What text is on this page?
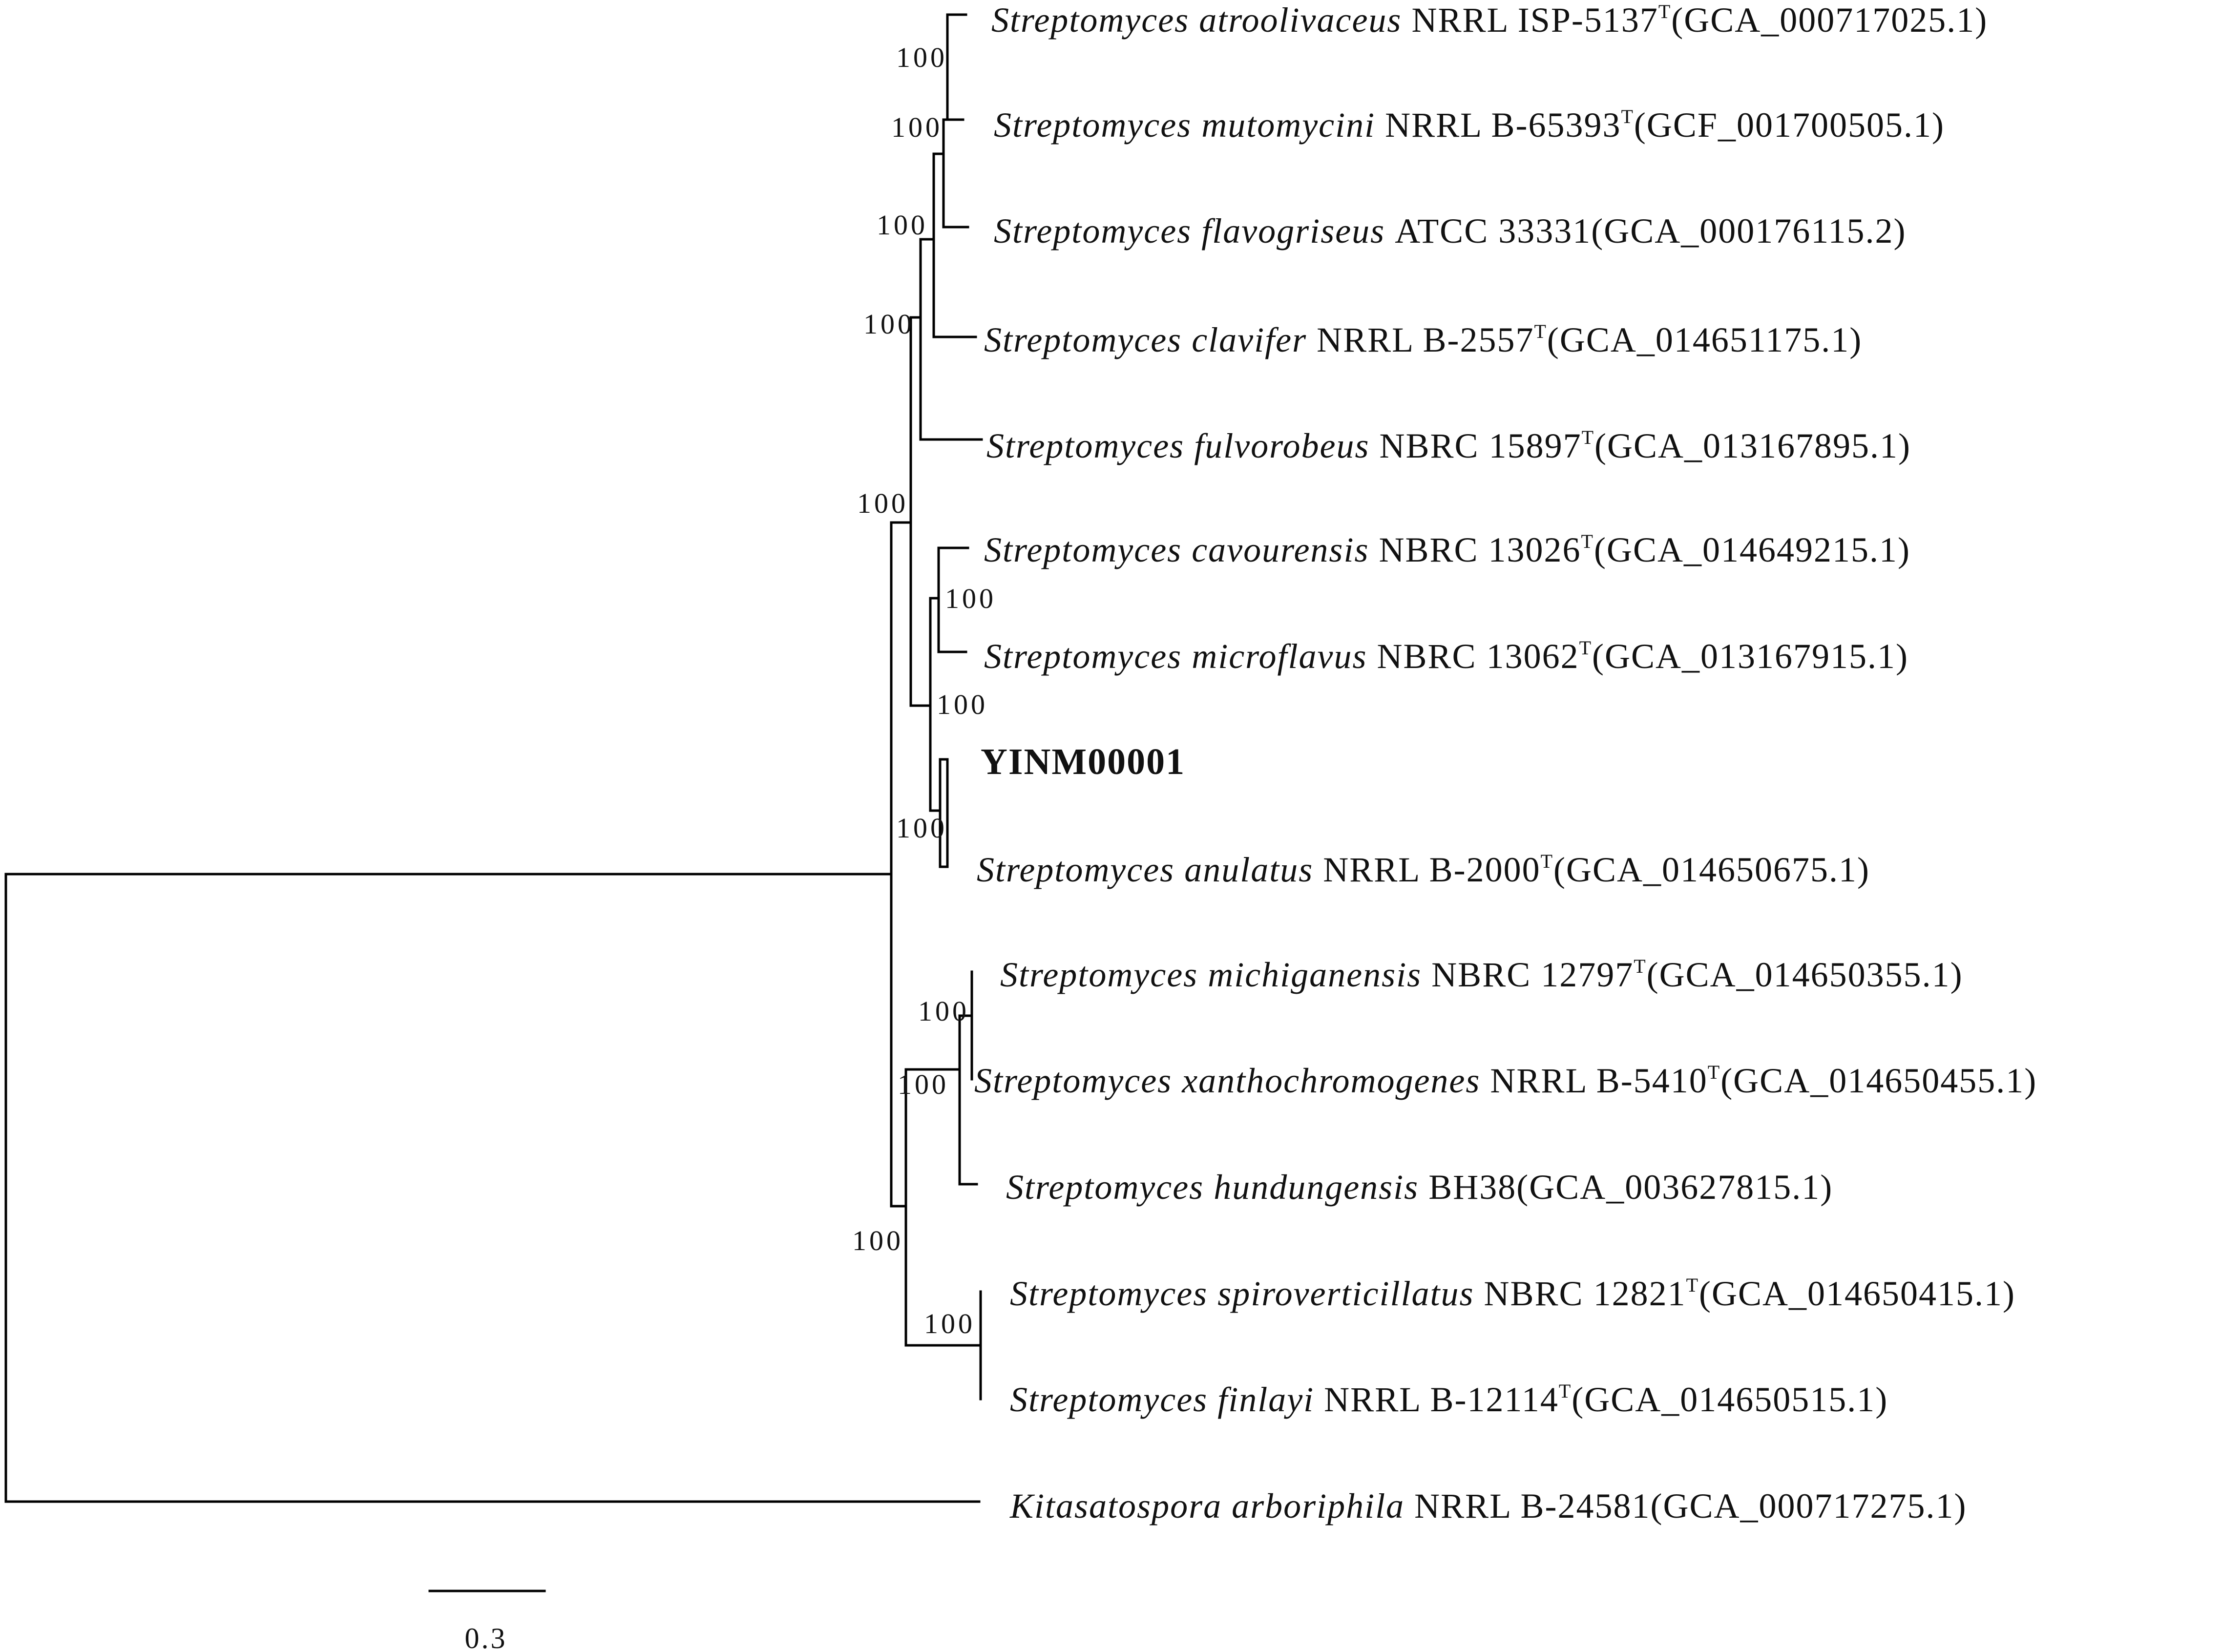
Streptomyces atroolivaceus NRRL ISP-$5137^T(GCA\_000717025.1)$
Streptomyces mutomycini NRRL $B-65393^T(GCF\_001700505.1)$
Streptomyces flavogriseus ATCC 33331(GCA_000176115.2)
Streptomyces clavifer NRRL $B-2557^T(GCA\_014651175.1)$
Streptomyces fulvorobeus NBRC $15897^T(GCA\_013167895.1)$
Streptomyces cavourensis NBRC $13026^T(GCA\_014649215.1)$
Streptomyces microflavus NBRC $13062^T(GCA\_013167915.1)$
YINM00001
Streptomyces anulatus NRRL $B-2000^T(GCA\_014650675.1)$
Streptomyces michiganensis NBRC $12797^T(GCA\_014650355.1)$
Streptomyces xanthochromogenes NRRL $B-5410^T(GCA\_014650455.1)$
Streptomyces hundungensis BH38(GCA_003627815.1)
Streptomyces spiroverticillatus NBRC $12821^T(GCA\_014650415.1)$
Streptomyces finlayi NRRL $B-12114^T(GCA\_014650515.1)$
Kitasatospora arboriphila NRRL B-24581(GCA_000717275.1)
100
100
100
100
100
100
100
100
100
100
100
100
0.3
